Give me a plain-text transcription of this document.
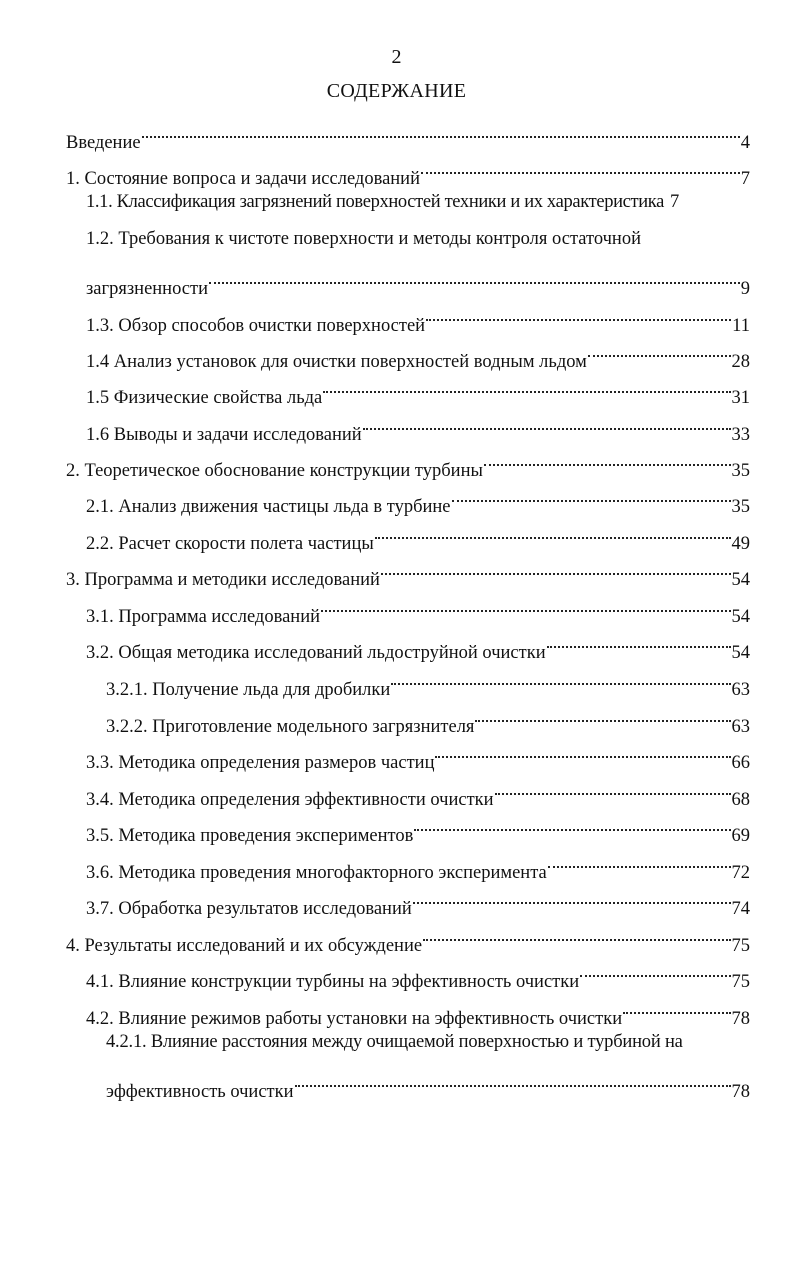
2
СОДЕРЖАНИЕ
Введение	4
1. Состояние вопроса и задачи исследований	7
1.1. Классификация загрязнений поверхностей техники и их характеристика 7
1.2. Требования к чистоте поверхности и методы контроля остаточной
загрязненности	9
1.3. Обзор способов очистки поверхностей	11
1.4 Анализ установок для очистки поверхностей водным льдом	28
1.5 Физические свойства льда	31
1.6 Выводы и задачи исследований	33
2. Теоретическое обоснование конструкции турбины	35
2.1. Анализ движения частицы льда в турбине	35
2.2. Расчет скорости полета частицы	49
3. Программа и методики исследований	54
3.1. Программа исследований	54
3.2. Общая методика исследований льдоструйной очистки	54
3.2.1. Получение льда для дробилки	63
3.2.2. Приготовление модельного загрязнителя	63
3.3. Методика определения размеров частиц	66
3.4. Методика определения эффективности очистки	68
3.5. Методика проведения экспериментов	69
3.6. Методика проведения многофакторного эксперимента	72
3.7. Обработка результатов исследований	74
4. Результаты исследований и их обсуждение	75
4.1. Влияние конструкции турбины на эффективность очистки	75
4.2. Влияние режимов работы установки на эффективность очистки	78
4.2.1. Влияние расстояния между очищаемой поверхностью и турбиной на
эффективность очистки	78
